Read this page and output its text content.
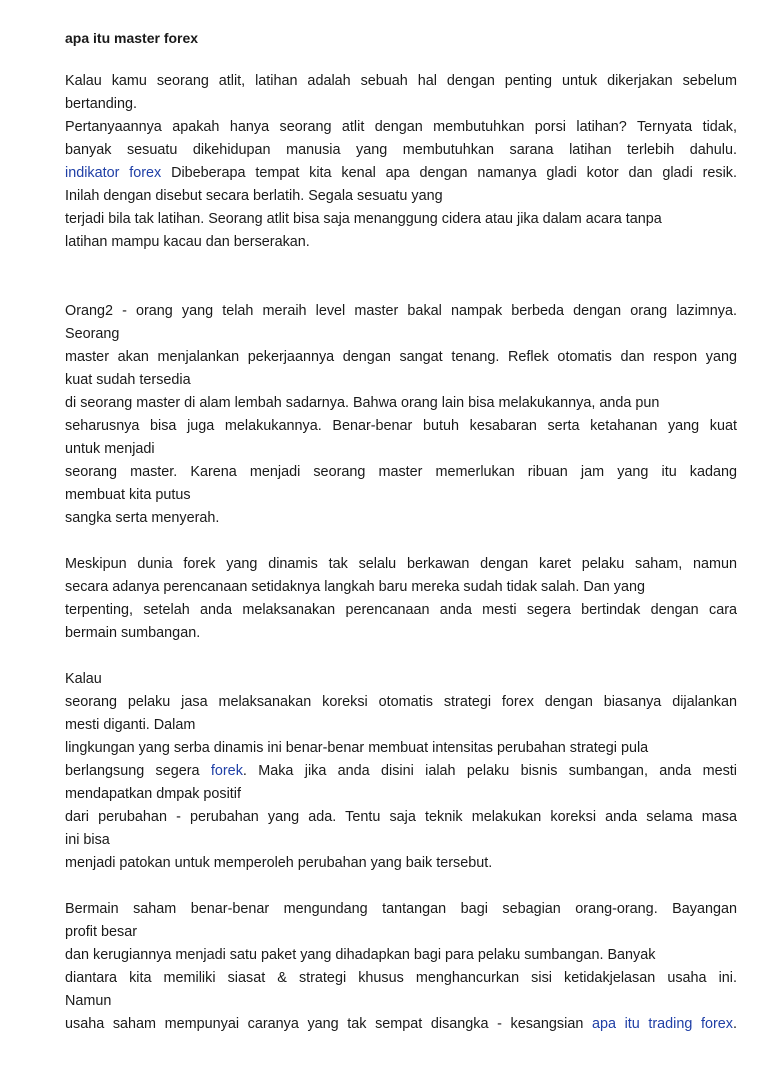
apa itu master forex
Kalau kamu seorang atlit, latihan adalah sebuah hal dengan penting untuk dikerjakan sebelum
bertanding.
Pertanyaannya apakah hanya seorang atlit dengan membutuhkan porsi latihan? Ternyata tidak,
banyak sesuatu dikehidupan manusia yang membutuhkan sarana latihan terlebih dahulu.
indikator forex Dibeberapa tempat kita kenal apa dengan namanya gladi kotor dan gladi resik.
Inilah dengan disebut secara berlatih. Segala sesuatu yang
terjadi bila tak latihan. Seorang atlit bisa saja menanggung cidera atau jika dalam acara tanpa
latihan mampu kacau dan berserakan.
Orang2 - orang yang telah meraih level master bakal nampak berbeda dengan orang lazimnya.
Seorang
master akan menjalankan pekerjaannya dengan sangat tenang. Reflek otomatis dan respon yang
kuat sudah tersedia
di seorang master di alam lembah sadarnya. Bahwa orang lain bisa melakukannya, anda pun
seharusnya bisa juga melakukannya. Benar-benar butuh kesabaran serta ketahanan yang kuat
untuk menjadi
seorang master. Karena menjadi seorang master memerlukan ribuan jam yang itu kadang
membuat kita putus
sangka serta menyerah.
Meskipun dunia forek yang dinamis tak selalu berkawan dengan karet pelaku saham, namun
secara adanya perencanaan setidaknya langkah baru mereka sudah tidak salah. Dan yang
terpenting, setelah anda melaksanakan perencanaan anda mesti segera bertindak dengan cara
bermain sumbangan.
Kalau
seorang pelaku jasa melaksanakan koreksi otomatis strategi forex dengan biasanya dijalankan
mesti diganti. Dalam
lingkungan yang serba dinamis ini benar-benar membuat intensitas perubahan strategi pula
berlangsung segera forek. Maka jika anda disini ialah pelaku bisnis sumbangan, anda mesti
mendapatkan dmpak positif
dari perubahan - perubahan yang ada. Tentu saja teknik melakukan koreksi anda selama masa
ini bisa
menjadi patokan untuk memperoleh perubahan yang baik tersebut.
Bermain saham benar-benar mengundang tantangan bagi sebagian orang-orang. Bayangan
profit besar
dan kerugiannya menjadi satu paket yang dihadapkan bagi para pelaku sumbangan. Banyak
diantara kita memiliki siasat & strategi khusus menghancurkan sisi ketidakjelasan usaha ini.
Namun
usaha saham mempunyai caranya yang tak sempat disangka - kesangsian apa itu trading forex.
